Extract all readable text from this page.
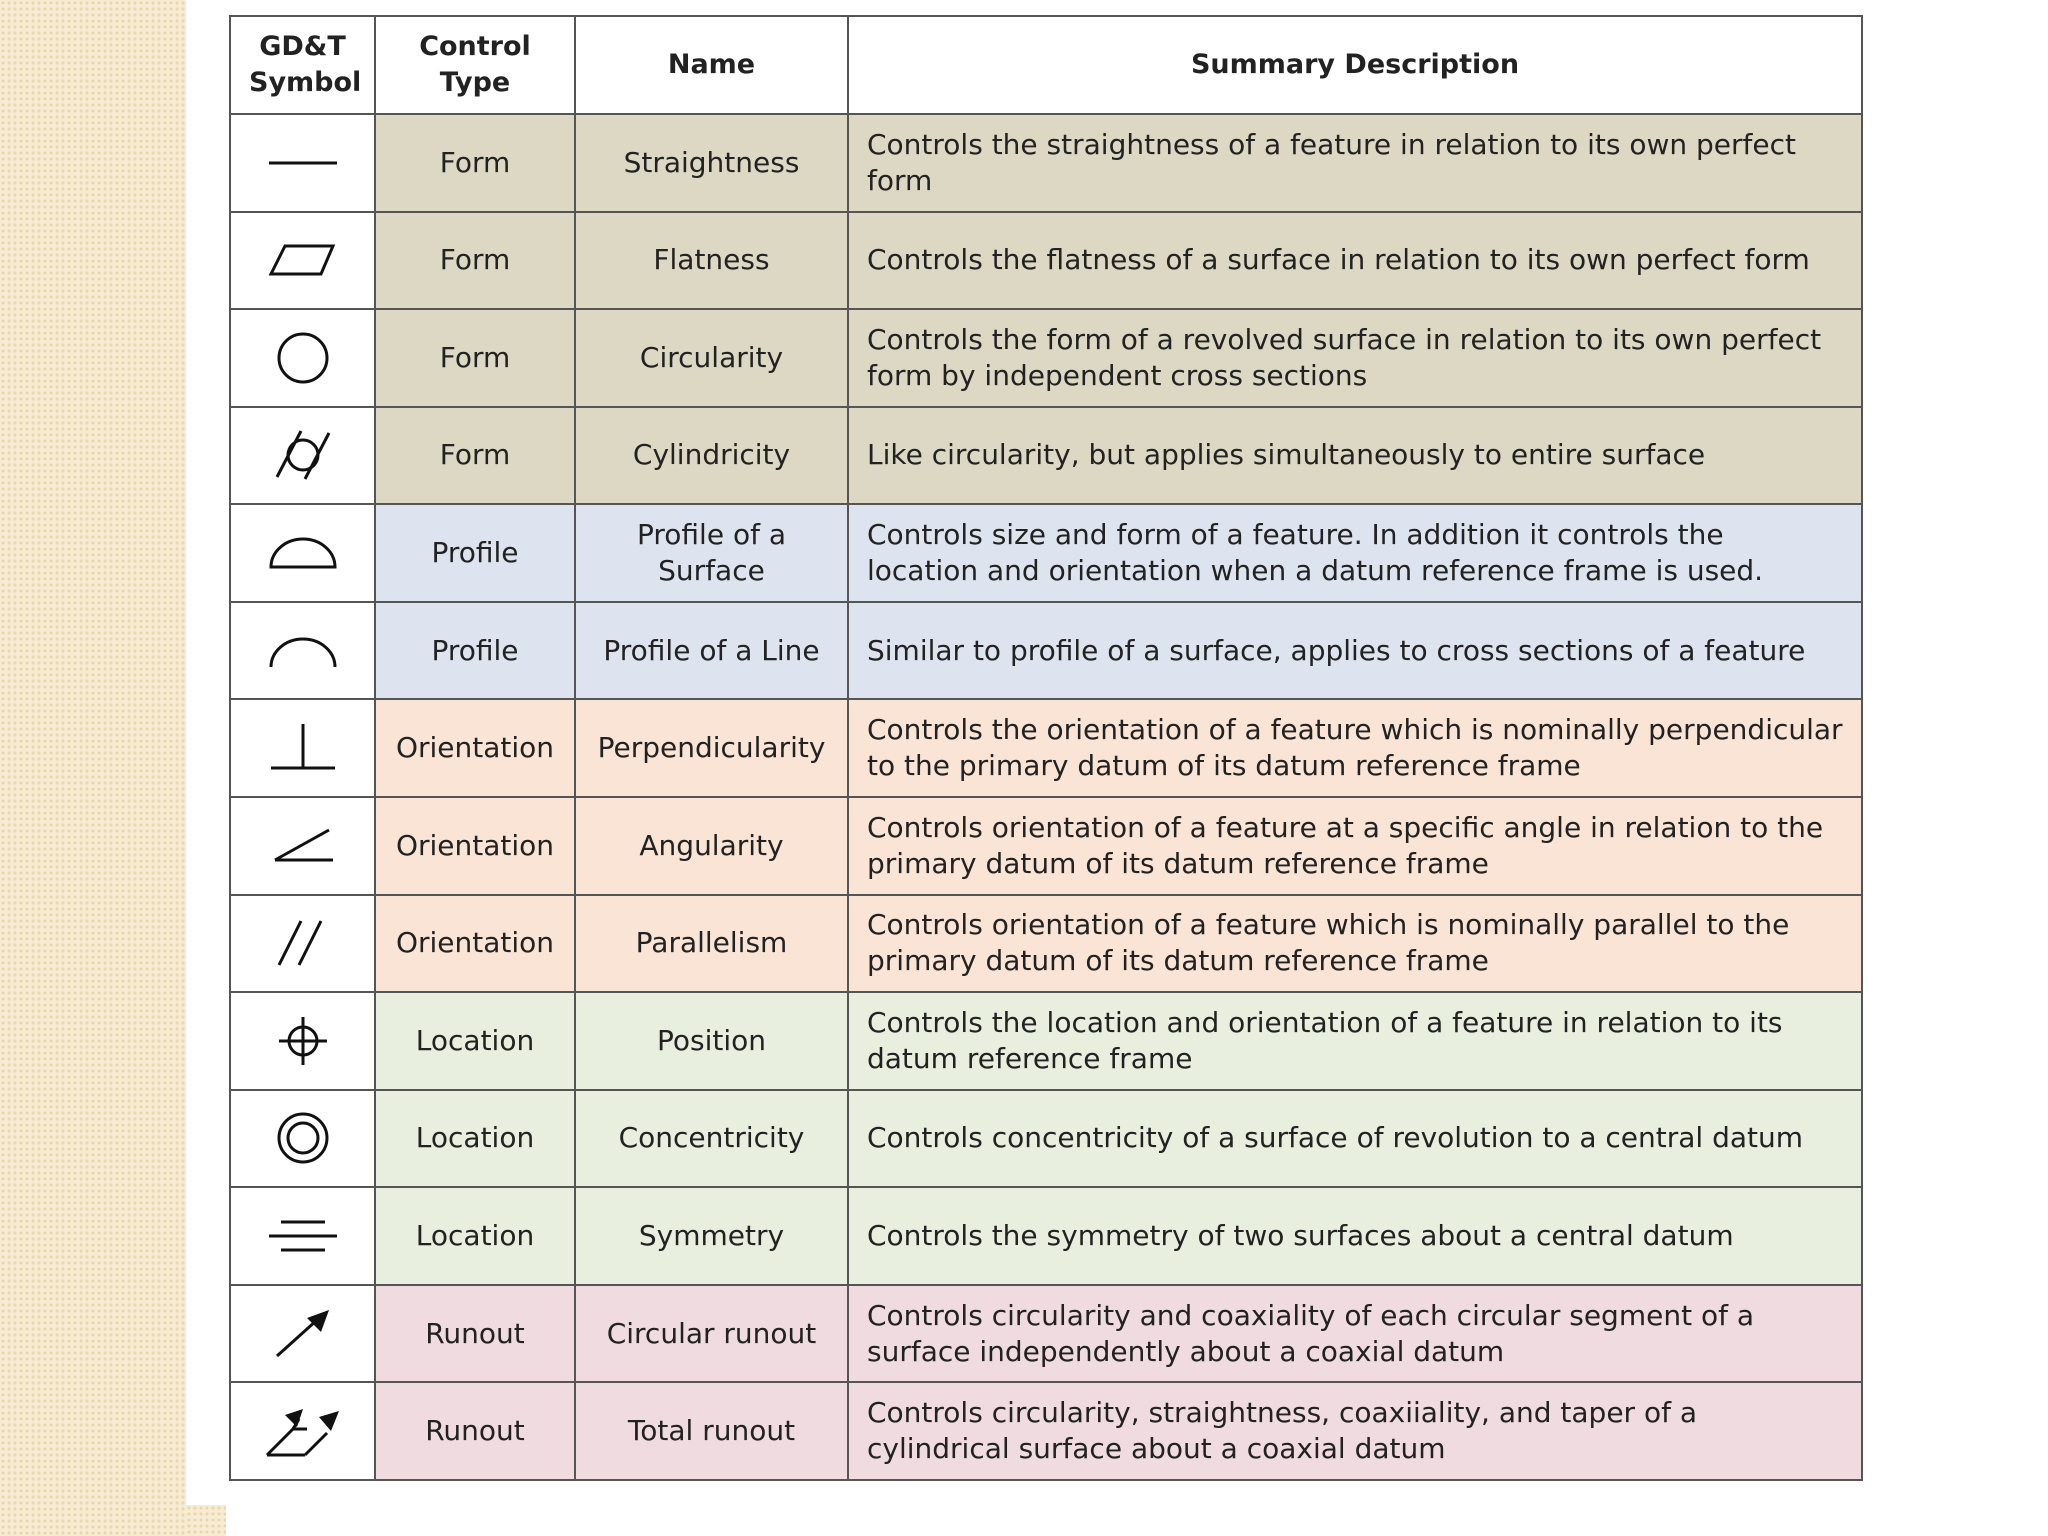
GD&T Symbol	Control Type	Name	Summary Description

	Form	Straightness	Controls the straightness of a feature in relation to its own perfect form

	Form	Flatness	Controls the flatness of a surface in relation to its own perfect form

	Form	Circularity	Controls the form of a revolved surface in relation to its own perfect form by independent cross sections

	Form	Cylindricity	Like circularity, but applies simultaneously to entire surface

	Profile	Profile of a Surface	Controls size and form of a feature. In addition it controls the location and orientation when a datum reference frame is used.

	Profile	Profile of a Line	Similar to profile of a surface, applies to cross sections of a feature

	Orientation	Perpendicularity	Controls the orientation of a feature which is nominally perpendicular to the primary datum of its datum reference frame

	Orientation	Angularity	Controls orientation of a feature at a specific angle in relation to the primary datum of its datum reference frame

	Orientation	Parallelism	Controls orientation of a feature which is nominally parallel to the primary datum of its datum reference frame

	Location	Position	Controls the location and orientation of a feature in relation to its datum reference frame

	Location	Concentricity	Controls concentricity of a surface of revolution to a central datum

	Location	Symmetry	Controls the symmetry of two surfaces about a central datum

	Runout	Circular runout	Controls circularity and coaxiality of each circular segment of a surface independently about a coaxial datum

	Runout	Total runout	Controls circularity, straightness, coaxiiality, and taper of a cylindrical surface about a coaxial datum
